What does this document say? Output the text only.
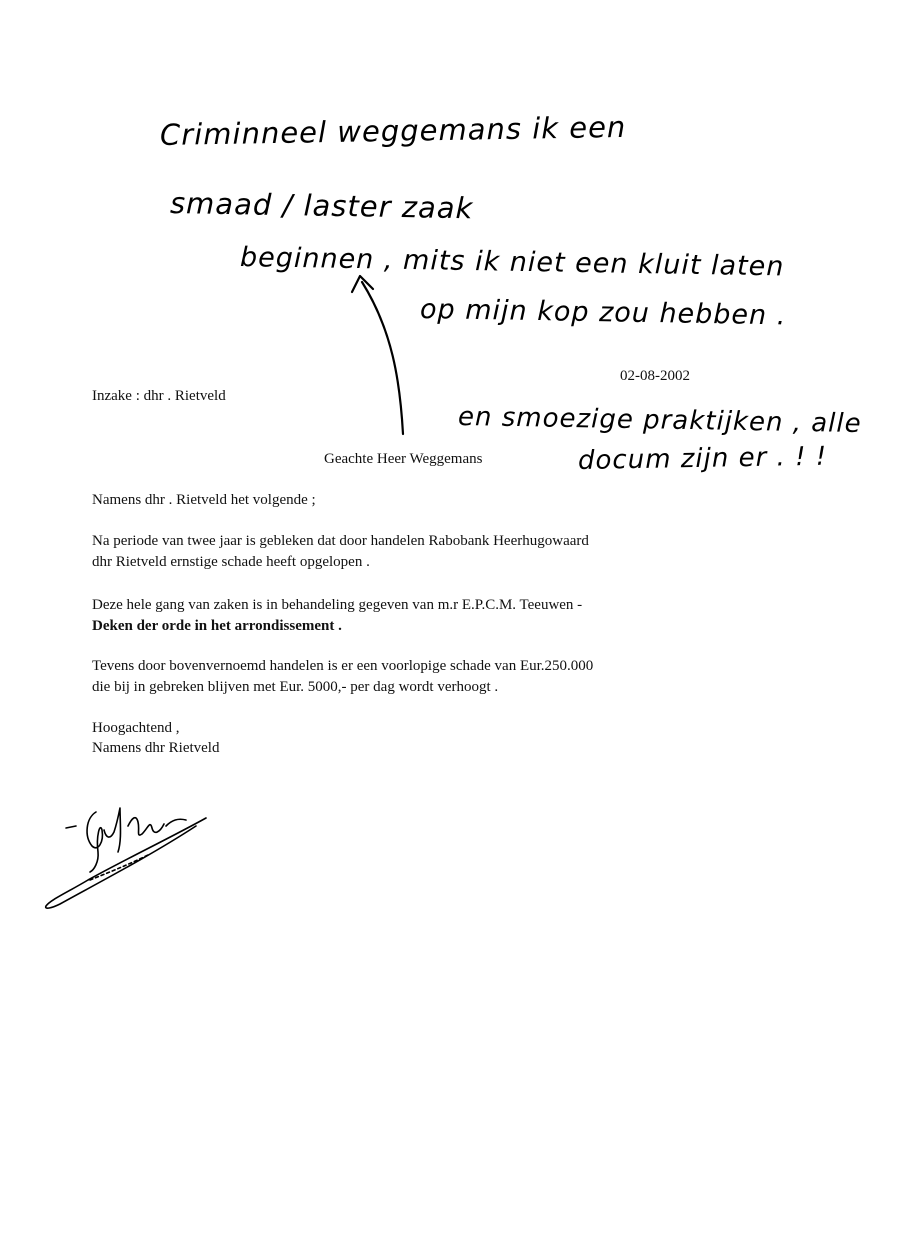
Criminneel weggemans ik een
smaad / laster zaak
beginnen , mits ik niet een kluit laten
op mijn kop zou hebben .
en smoezige praktijken , alle
docum zijn er . ! !
02-08-2002
Inzake : dhr . Rietveld
Geachte Heer Weggemans
Namens dhr . Rietveld het volgende ;
Na periode van twee jaar is gebleken dat door handelen Rabobank Heerhugowaard
dhr Rietveld ernstige schade heeft opgelopen .
Deze hele gang van zaken is in behandeling gegeven van m.r E.P.C.M. Teeuwen -
Deken der orde in het arrondissement .
Tevens door bovenvernoemd handelen is er een voorlopige schade van Eur.250.000
die bij in gebreken blijven met Eur. 5000,- per dag wordt verhoogt .
Hoogachtend ,
Namens dhr Rietveld
